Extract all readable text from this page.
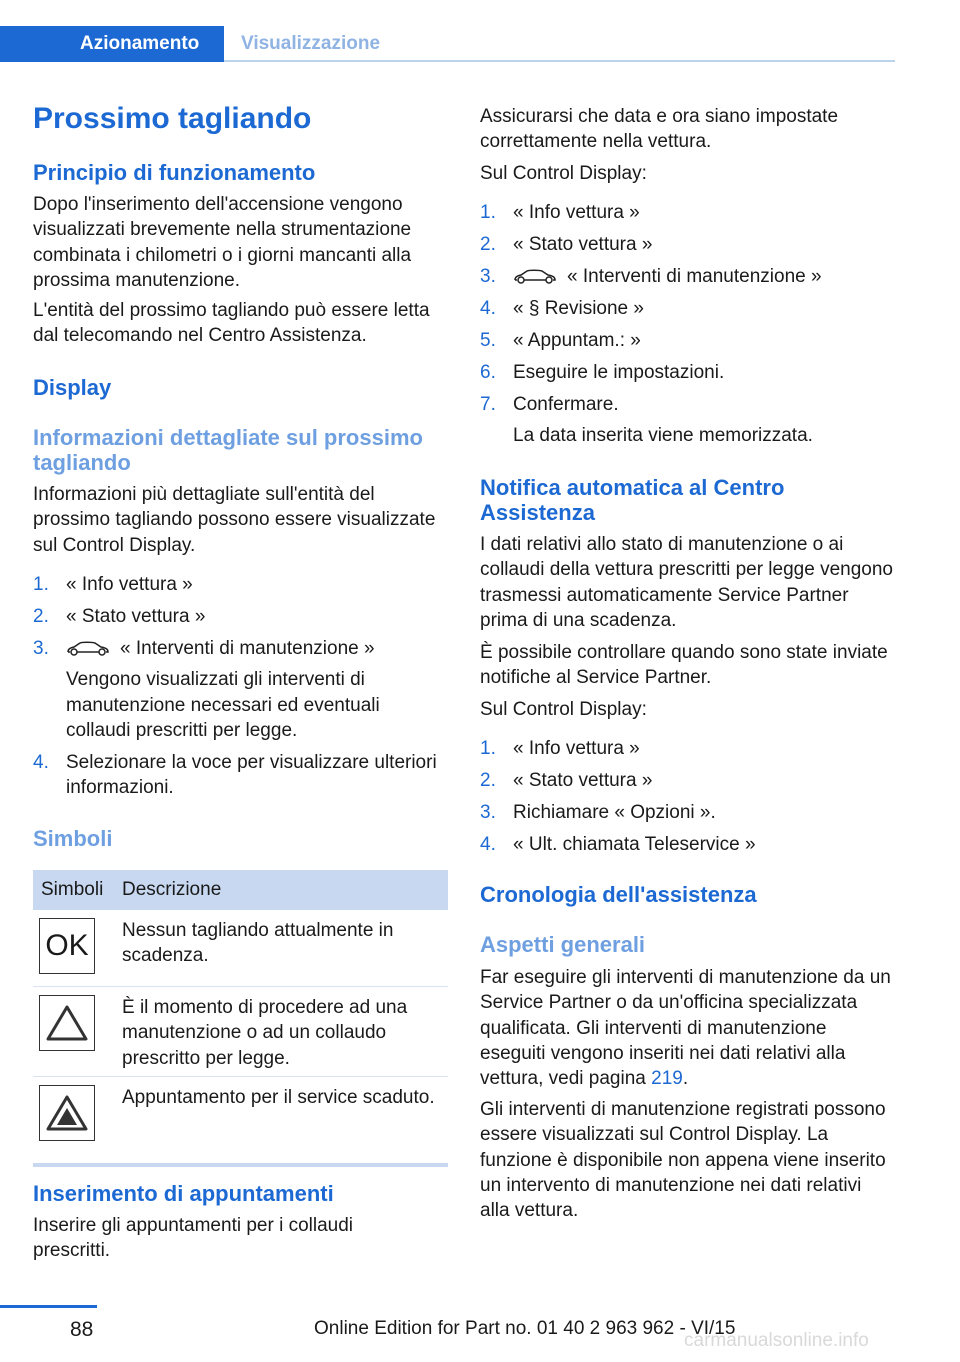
Azionamento	Visualizzazione
Prossimo tagliando
Principio di funzionamento
Dopo l'inserimento dell'accensione vengono visualizzati brevemente nella strumentazione combinata i chilometri o i giorni mancanti alla prossima manutenzione.
L'entità del prossimo tagliando può essere letta dal telecomando nel Centro Assistenza.
Display
Informazioni dettagliate sul prossimo tagliando
Informazioni più dettagliate sull'entità del prossimo tagliando possono essere visualizzate sul Control Display.
1. « Info vettura »
2. « Stato vettura »
3.	« Interventi di manutenzione »
Vengono visualizzati gli interventi di manutenzione necessari ed eventuali collaudi prescritti per legge.
4. Selezionare la voce per visualizzare ulteriori informazioni.
Simboli
Simboli Descrizione
OK Nessun tagliando attualmente in scadenza.
È il momento di procedere ad una manutenzione o ad un collaudo prescritto per legge.
Appuntamento per il service scaduto.
Inserimento di appuntamenti
Inserire gli appuntamenti per i collaudi prescritti.
Assicurarsi che data e ora siano impostate correttamente nella vettura.
Sul Control Display:
1. « Info vettura »
2. « Stato vettura »
3.	« Interventi di manutenzione »
4. « § Revisione »
5. « Appuntam.: »
6. Eseguire le impostazioni.
7. Confermare.
La data inserita viene memorizzata.
Notifica automatica al Centro Assistenza
I dati relativi allo stato di manutenzione o ai collaudi della vettura prescritti per legge vengono trasmessi automaticamente Service Partner prima di una scadenza.
È possibile controllare quando sono state inviate notifiche al Service Partner.
Sul Control Display:
1. « Info vettura »
2. « Stato vettura »
3. Richiamare « Opzioni ».
4. « Ult. chiamata Teleservice »
Cronologia dell'assistenza
Aspetti generali
Far eseguire gli interventi di manutenzione da un Service Partner o da un'officina specializzata qualificata. Gli interventi di manutenzione eseguiti vengono inseriti nei dati relativi alla vettura, vedi pagina 219.
Gli interventi di manutenzione registrati possono essere visualizzati sul Control Display. La funzione è disponibile non appena viene inserito un intervento di manutenzione nei dati relativi alla vettura.
88	Online Edition for Part no. 01 40 2 963 962 - VI/15
carmanualsonline.info
